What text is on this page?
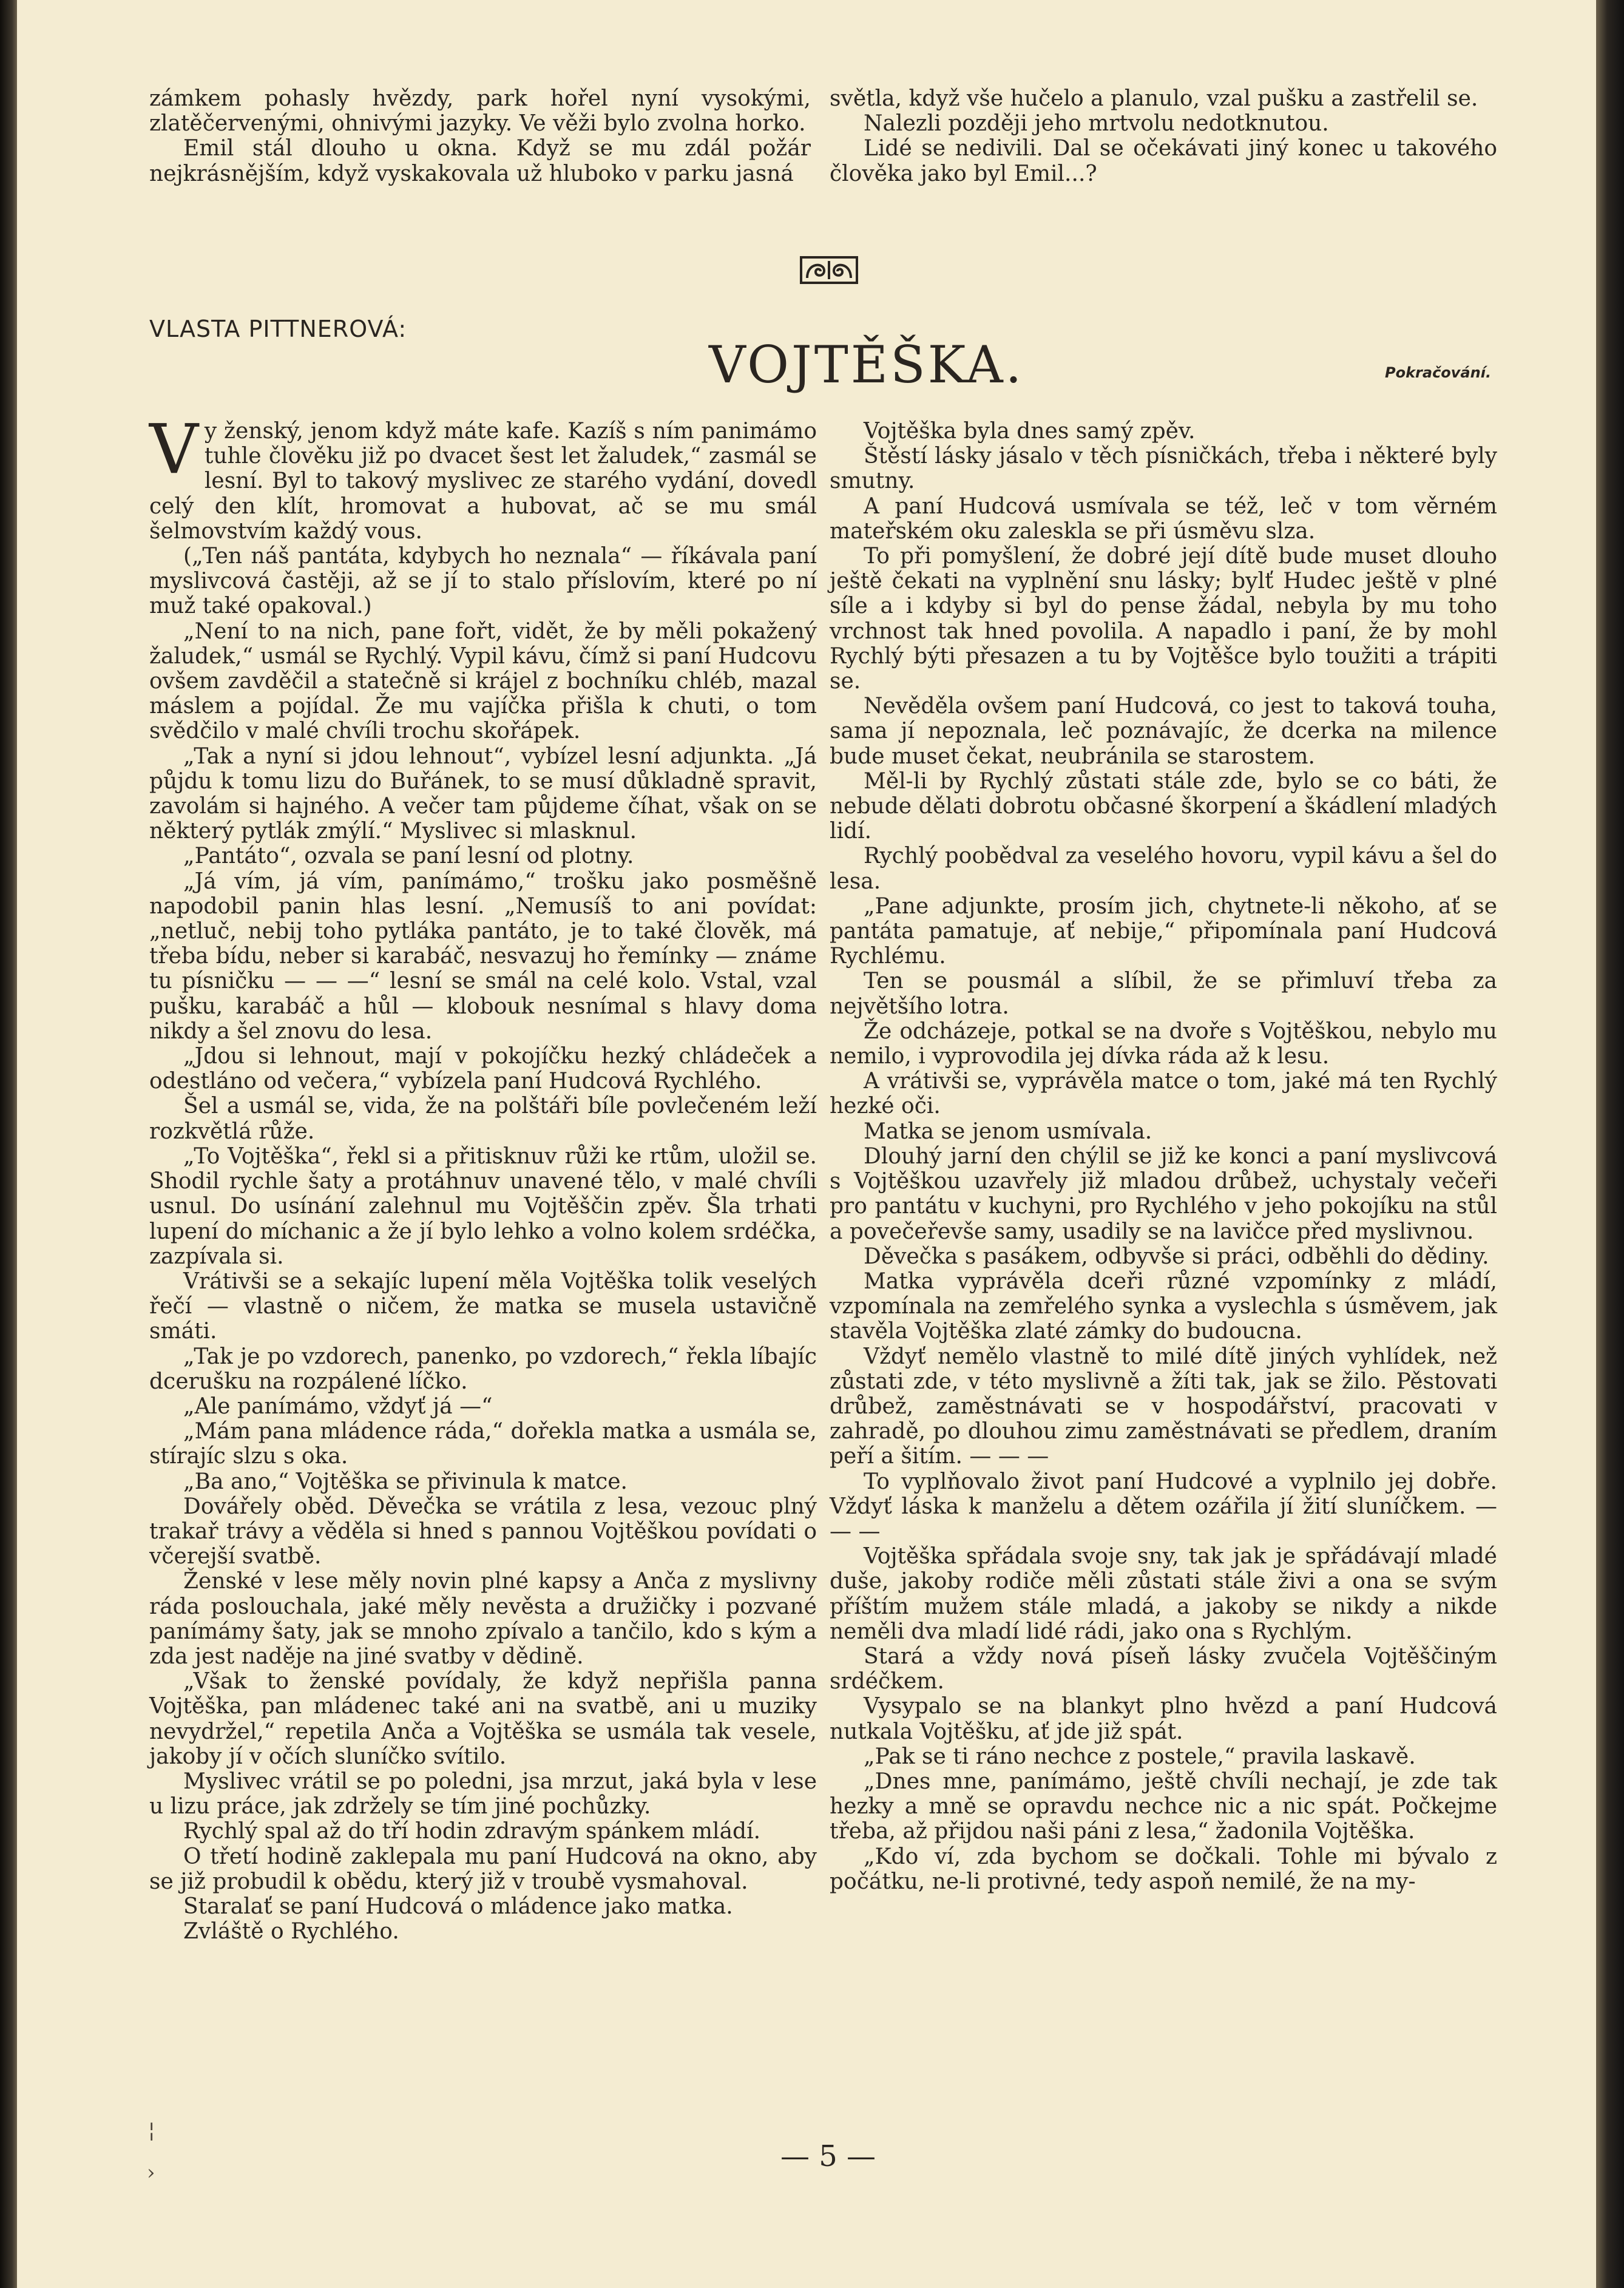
zámkem pohasly hvězdy, park hořel nyní vysokými, zlatěčervenými, ohnivými jazyky. Ve věži bylo zvolna horko.

Emil stál dlouho u okna. Když se mu zdál požár nejkrásnějším, když vyskakovala už hluboko v parku jasná

světla, když vše hučelo a planulo, vzal pušku a zastřelil se.

Nalezli později jeho mrtvolu nedotknutou.

Lidé se nedivili. Dal se očekávati jiný konec u takového člověka jako byl Emil...?

VLASTA PITTNEROVÁ:
VOJTĚŠKA.	Pokračování.

Vy ženský, jenom když máte kafe. Kazíš s ním panimámo tuhle člověku již po dvacet šest let žaludek,“ zasmál se lesní. Byl to takový myslivec ze starého vydání, dovedl celý den klít, hromovat a hubovat, ač se mu smál šelmovstvím každý vous.

(„Ten náš pantáta, kdybych ho neznala“ — říkávala paní myslivcová častěji, až se jí to stalo příslovím, které po ní muž také opakoval.)

„Není to na nich, pane fořt, vidět, že by měli pokažený žaludek,“ usmál se Rychlý. Vypil kávu, čímž si paní Hudcovu ovšem zavděčil a statečně si krájel z bochníku chléb, mazal máslem a pojídal. Že mu vajíčka přišla k chuti, o tom svědčilo v malé chvíli trochu skořápek.

„Tak a nyní si jdou lehnout“, vybízel lesní adjunkta. „Já půjdu k tomu lizu do Buřánek, to se musí důkladně spravit, zavolám si hajného. A večer tam půjdeme číhat, však on se některý pytlák zmýlí.“ Myslivec si mlasknul.

„Pantáto“, ozvala se paní lesní od plotny.

„Já vím, já vím, panímámo,“ trošku jako posměšně napodobil panin hlas lesní. „Nemusíš to ani povídat: „netluč, nebij toho pytláka pantáto, je to také člověk, má třeba bídu, neber si karabáč, nesvazuj ho řemínky — známe tu písničku — — —“ lesní se smál na celé kolo. Vstal, vzal pušku, karabáč a hůl — klobouk nesnímal s hlavy doma nikdy a šel znovu do lesa.

„Jdou si lehnout, mají v pokojíčku hezký chládeček a odestláno od večera,“ vybízela paní Hudcová Rychlého.

Šel a usmál se, vida, že na polštáři bíle povlečeném leží rozkvětlá růže.

„To Vojtěška“, řekl si a přitisknuv růži ke rtům, uložil se. Shodil rychle šaty a protáhnuv unavené tělo, v malé chvíli usnul. Do usínání zalehnul mu Vojtěščin zpěv. Šla trhati lupení do míchanic a že jí bylo lehko a volno kolem srdéčka, zazpívala si.

Vrátivši se a sekajíc lupení měla Vojtěška tolik veselých řečí — vlastně o ničem, že matka se musela ustavičně smáti.

„Tak je po vzdorech, panenko, po vzdorech,“ řekla líbajíc dcerušku na rozpálené líčko.

„Ale panímámo, vždyť já —“

„Mám pana mládence ráda,“ dořekla matka a usmála se, stírajíc slzu s oka.

„Ba ano,“ Vojtěška se přivinula k matce.

Dovářely oběd. Děvečka se vrátila z lesa, vezouc plný trakař trávy a věděla si hned s pannou Vojtěškou povídati o včerejší svatbě.

Ženské v lese měly novin plné kapsy a Anča z myslivny ráda poslouchala, jaké měly nevěsta a družičky i pozvané panímámy šaty, jak se mnoho zpívalo a tančilo, kdo s kým a zda jest naděje na jiné svatby v dědině.

„Však to ženské povídaly, že když nepřišla panna Vojtěška, pan mládenec také ani na svatbě, ani u muziky nevydržel,“ repetila Anča a Vojtěška se usmála tak vesele, jakoby jí v očích sluníčko svítilo.

Myslivec vrátil se po poledni, jsa mrzut, jaká byla v lese u lizu práce, jak zdržely se tím jiné pochůzky.

Rychlý spal až do tří hodin zdravým spánkem mládí.

O třetí hodině zaklepala mu paní Hudcová na okno, aby se již probudil k obědu, který již v troubě vysmahoval.

Staralať se paní Hudcová o mládence jako matka.

Zvláště o Rychlého.

Vojtěška byla dnes samý zpěv.

Štěstí lásky jásalo v těch písničkách, třeba i některé byly smutny.

A paní Hudcová usmívala se též, leč v tom věrném mateřském oku zaleskla se při úsměvu slza.

To při pomyšlení, že dobré její dítě bude muset dlouho ještě čekati na vyplnění snu lásky; bylť Hudec ještě v plné síle a i kdyby si byl do pense žádal, nebyla by mu toho vrchnost tak hned povolila. A napadlo i paní, že by mohl Rychlý býti přesazen a tu by Vojtěšce bylo toužiti a trápiti se.

Nevěděla ovšem paní Hudcová, co jest to taková touha, sama jí nepoznala, leč poznávajíc, že dcerka na milence bude muset čekat, neubránila se starostem.

Měl-li by Rychlý zůstati stále zde, bylo se co báti, že nebude dělati dobrotu občasné škorpení a škádlení mladých lidí.

Rychlý poobědval za veselého hovoru, vypil kávu a šel do lesa.

„Pane adjunkte, prosím jich, chytnete-li někoho, ať se pantáta pamatuje, ať nebije,“ připomínala paní Hudcová Rychlému.

Ten se pousmál a slíbil, že se přimluví třeba za největšího lotra.

Že odcházeje, potkal se na dvoře s Vojtěškou, nebylo mu nemilo, i vyprovodila jej dívka ráda až k lesu.

A vrátivši se, vyprávěla matce o tom, jaké má ten Rychlý hezké oči.

Matka se jenom usmívala.

Dlouhý jarní den chýlil se již ke konci a paní myslivcová s Vojtěškou uzavřely již mladou drůbež, uchystaly večeři pro pantátu v kuchyni, pro Rychlého v jeho pokojíku na stůl a povečeřevše samy, usadily se na lavičce před myslivnou.

Děvečka s pasákem, odbyvše si práci, odběhli do dědiny.

Matka vyprávěla dceři různé vzpomínky z mládí, vzpomínala na zemřelého synka a vyslechla s úsměvem, jak stavěla Vojtěška zlaté zámky do budoucna.

Vždyť nemělo vlastně to milé dítě jiných vyhlídek, než zůstati zde, v této myslivně a žíti tak, jak se žilo. Pěstovati drůbež, zaměstnávati se v hospodářství, pracovati v zahradě, po dlouhou zimu zaměstnávati se předlem, draním peří a šitím. — — —

To vyplňovalo život paní Hudcové a vyplnilo jej dobře. Vždyť láska k manželu a dětem ozářila jí žití sluníčkem. — — —

Vojtěška spřádala svoje sny, tak jak je spřádávají mladé duše, jakoby rodiče měli zůstati stále živi a ona se svým příštím mužem stále mladá, a jakoby se nikdy a nikde neměli dva mladí lidé rádi, jako ona s Rychlým.

Stará a vždy nová píseň lásky zvučela Vojtěščiným srdéčkem.

Vysypalo se na blankyt plno hvězd a paní Hudcová nutkala Vojtěšku, ať jde již spát.

„Pak se ti ráno nechce z postele,“ pravila laskavě.

„Dnes mne, panímámo, ještě chvíli nechají, je zde tak hezky a mně se opravdu nechce nic a nic spát. Počkejme třeba, až přijdou naši páni z lesa,“ žadonila Vojtěška.

„Kdo ví, zda bychom se dočkali. Tohle mi bývalo z počátku, ne-li protivné, tedy aspoň nemilé, že na my-

— 5 —
¦
›
